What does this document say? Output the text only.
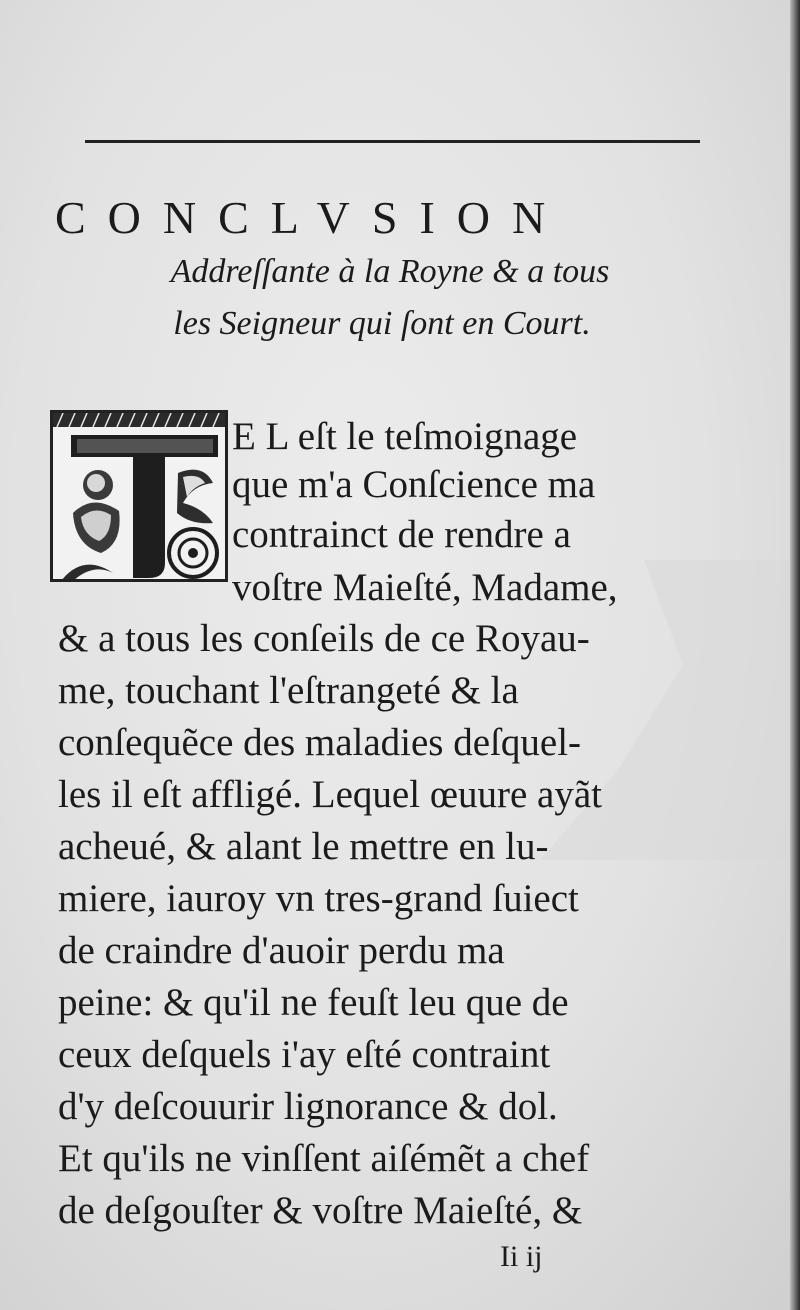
CONCLVSION
Addreſſante à la Royne & a tous
les Seigneur qui ſont en Court.
E L eſt le teſmoignage
que m'a Conſcience ma
contrainct de rendre a
voſtre Maieſté, Madame,
& a tous les conſeils de ce Royau-
me, touchant l'eſtrangeté & la
conſequẽce des maladies deſquel-
les il eſt affligé. Lequel œuure ayãt
acheué, & alant le mettre en lu-
miere, iauroy vn tres-grand ſuiect
de craindre d'auoir perdu ma
peine: & qu'il ne feuſt leu que de
ceux deſquels i'ay eſté contraint
d'y deſcouurir lignorance & dol.
Et qu'ils ne vinſſent aiſémẽt a chef
de deſgouſter & voſtre Maieſté, &
Ii ij
